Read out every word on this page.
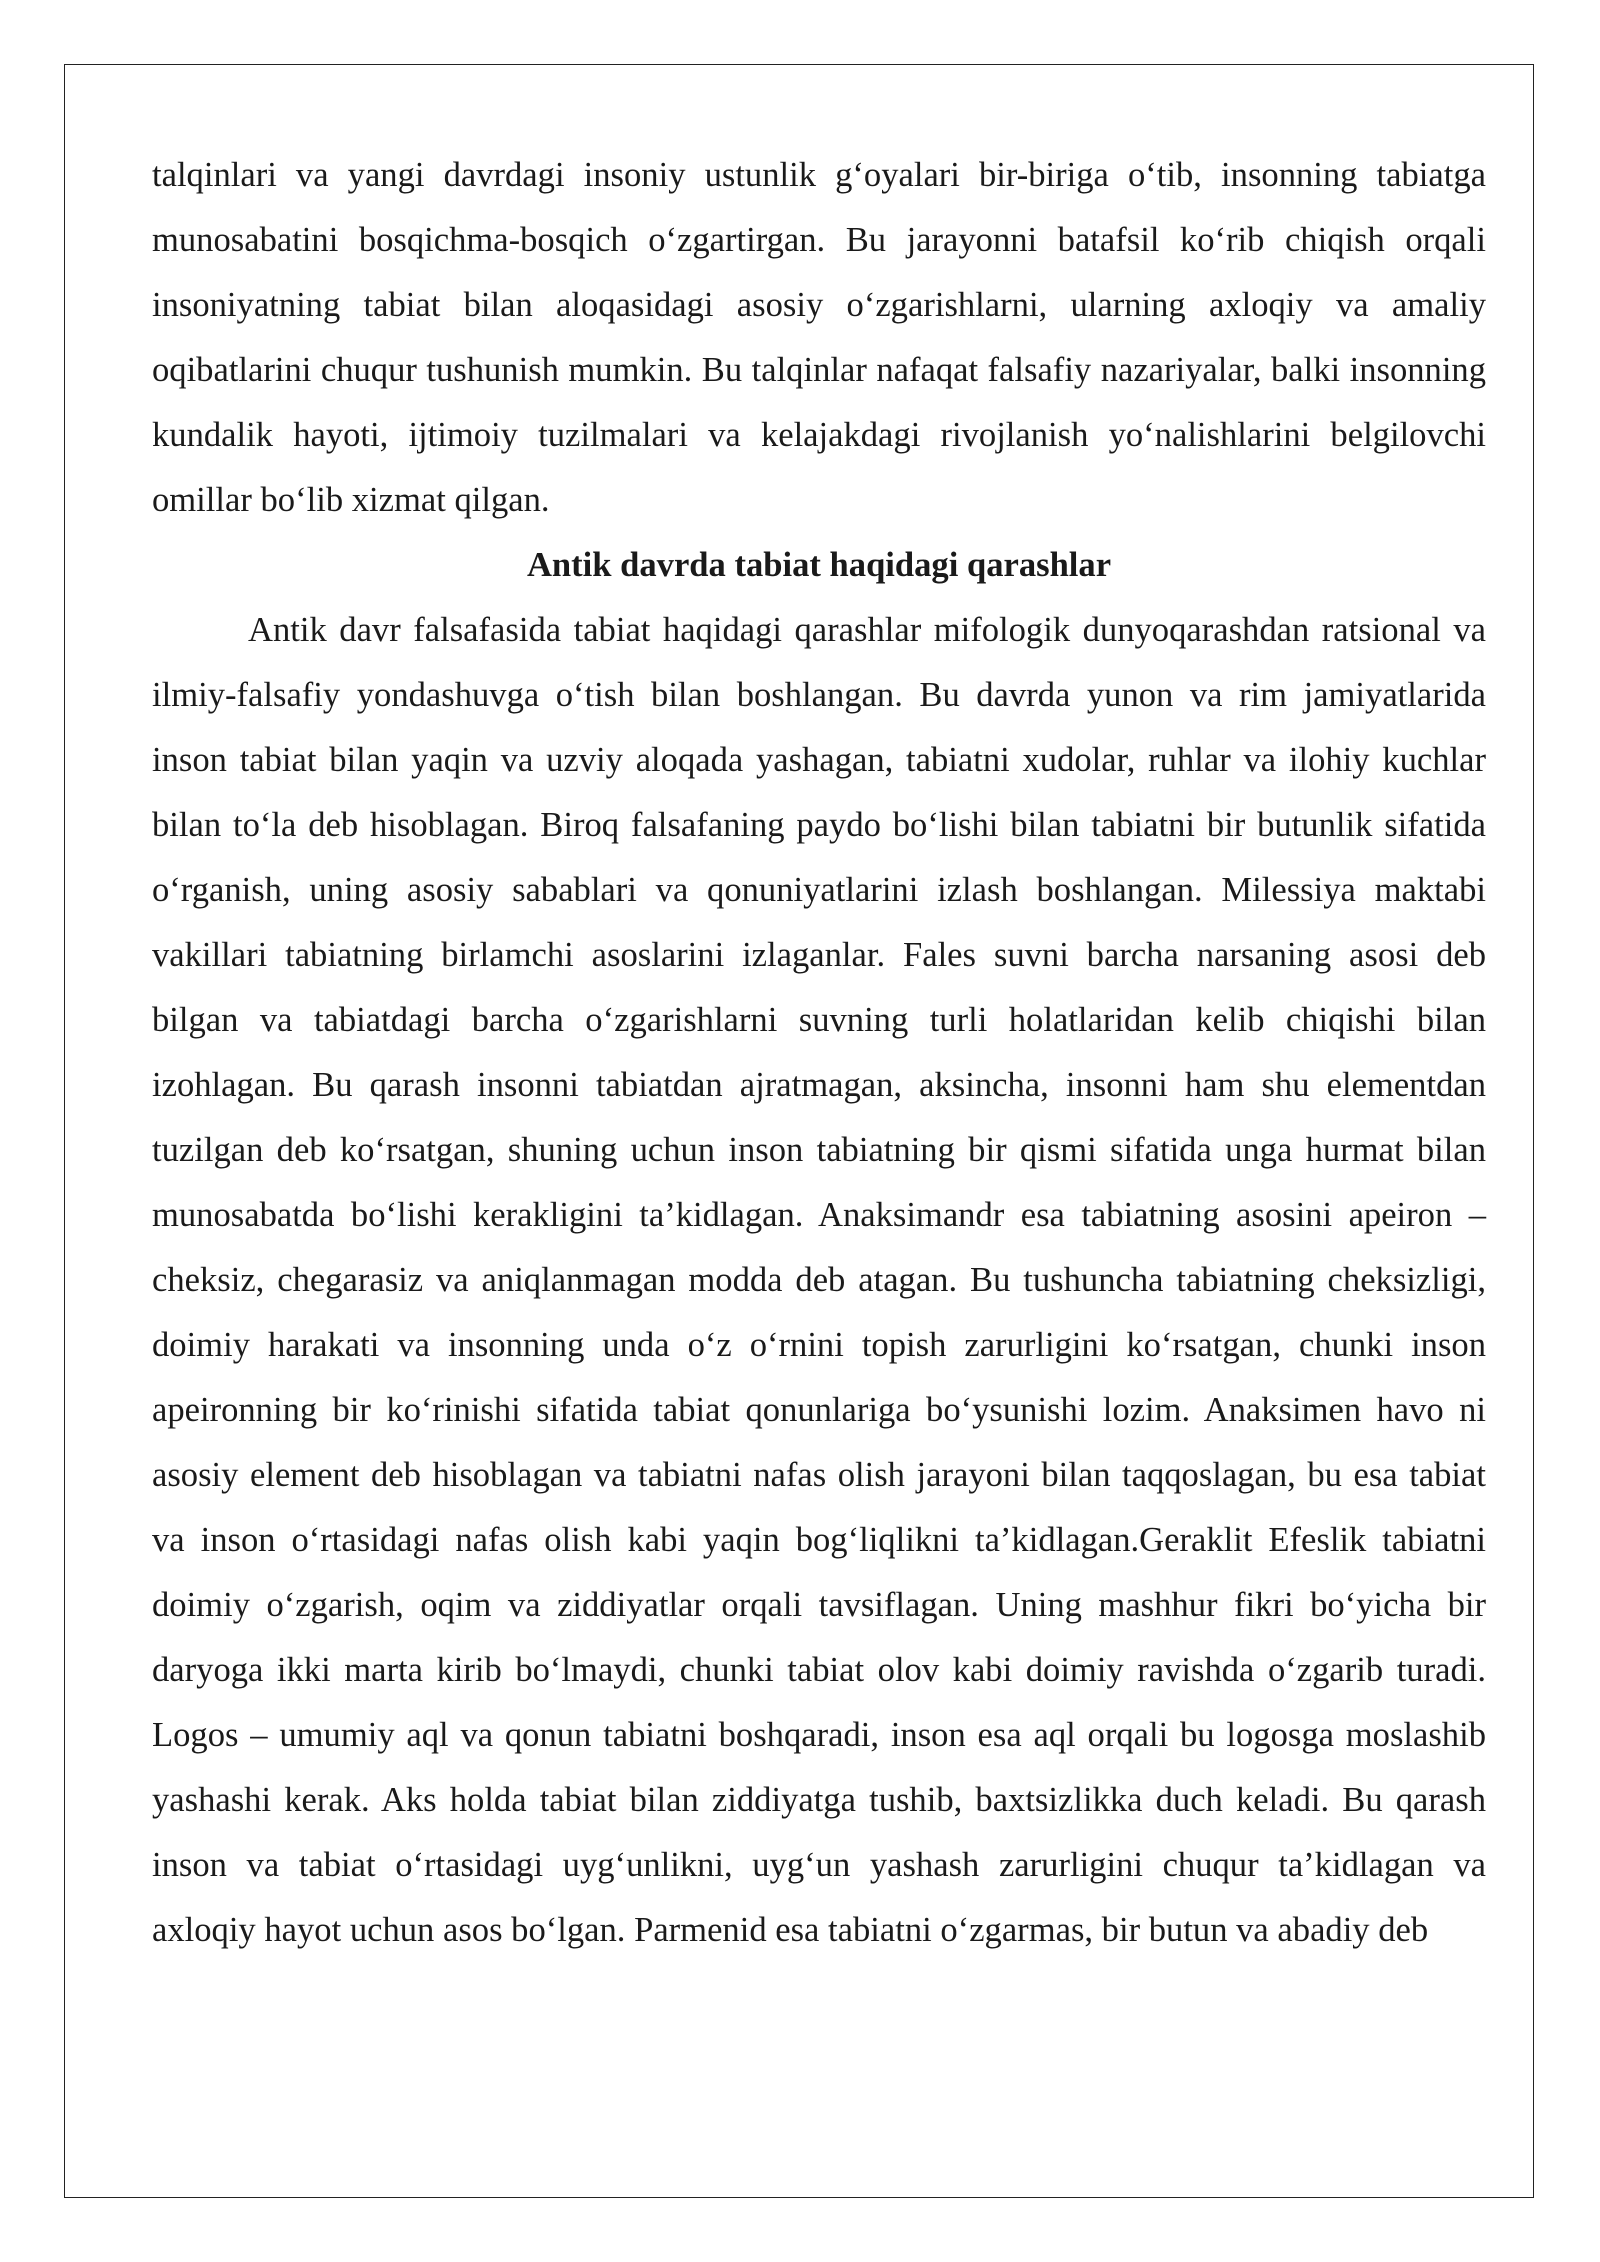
talqinlari va yangi davrdagi insoniy ustunlik g‘oyalari bir-biriga o‘tib, insonning tabiatga munosabatini bosqichma-bosqich o‘zgartirgan. Bu jarayonni batafsil ko‘rib chiqish orqali insoniyatning tabiat bilan aloqasidagi asosiy o‘zgarishlarni, ularning axloqiy va amaliy oqibatlarini chuqur tushunish mumkin. Bu talqinlar nafaqat falsafiy nazariyalar, balki insonning kundalik hayoti, ijtimoiy tuzilmalari va kelajakdagi rivojlanish yo‘nalishlarini belgilovchi omillar bo‘lib xizmat qilgan.

Antik davrda tabiat haqidagi qarashlar

Antik davr falsafasida tabiat haqidagi qarashlar mifologik dunyoqarashdan ratsional va ilmiy-falsafiy yondashuvga o‘tish bilan boshlangan. Bu davrda yunon va rim jamiyatlarida inson tabiat bilan yaqin va uzviy aloqada yashagan, tabiatni xudolar, ruhlar va ilohiy kuchlar bilan to‘la deb hisoblagan. Biroq falsafaning paydo bo‘lishi bilan tabiatni bir butunlik sifatida o‘rganish, uning asosiy sabablari va qonuniyatlarini izlash boshlangan. Milessiya maktabi vakillari tabiatning birlamchi asoslarini izlaganlar. Fales suvni barcha narsaning asosi deb bilgan va tabiatdagi barcha o‘zgarishlarni suvning turli holatlaridan kelib chiqishi bilan izohlagan. Bu qarash insonni tabiatdan ajratmagan, aksincha, insonni ham shu elementdan tuzilgan deb ko‘rsatgan, shuning uchun inson tabiatning bir qismi sifatida unga hurmat bilan munosabatda bo‘lishi kerakligini ta’kidlagan. Anaksimandr esa tabiatning asosini apeiron – cheksiz, chegarasiz va aniqlanmagan modda deb atagan. Bu tushuncha tabiatning cheksizligi, doimiy harakati va insonning unda o‘z o‘rnini topish zarurligini ko‘rsatgan, chunki inson apeironning bir ko‘rinishi sifatida tabiat qonunlariga bo‘ysunishi lozim. Anaksimen havo ni asosiy element deb hisoblagan va tabiatni nafas olish jarayoni bilan taqqoslagan, bu esa tabiat va inson o‘rtasidagi nafas olish kabi yaqin bog‘liqlikni ta’kidlagan.Geraklit Efeslik tabiatni doimiy o‘zgarish, oqim va ziddiyatlar orqali tavsiflagan. Uning mashhur fikri bo‘yicha bir daryoga ikki marta kirib bo‘lmaydi, chunki tabiat olov kabi doimiy ravishda o‘zgarib turadi. Logos – umumiy aql va qonun tabiatni boshqaradi, inson esa aql orqali bu logosga moslashib yashashi kerak. Aks holda tabiat bilan ziddiyatga tushib, baxtsizlikka duch keladi. Bu qarash inson va tabiat o‘rtasidagi uyg‘unlikni, uyg‘un yashash zarurligini chuqur ta’kidlagan va axloqiy hayot uchun asos bo‘lgan. Parmenid esa tabiatni o‘zgarmas, bir butun va abadiy deb
